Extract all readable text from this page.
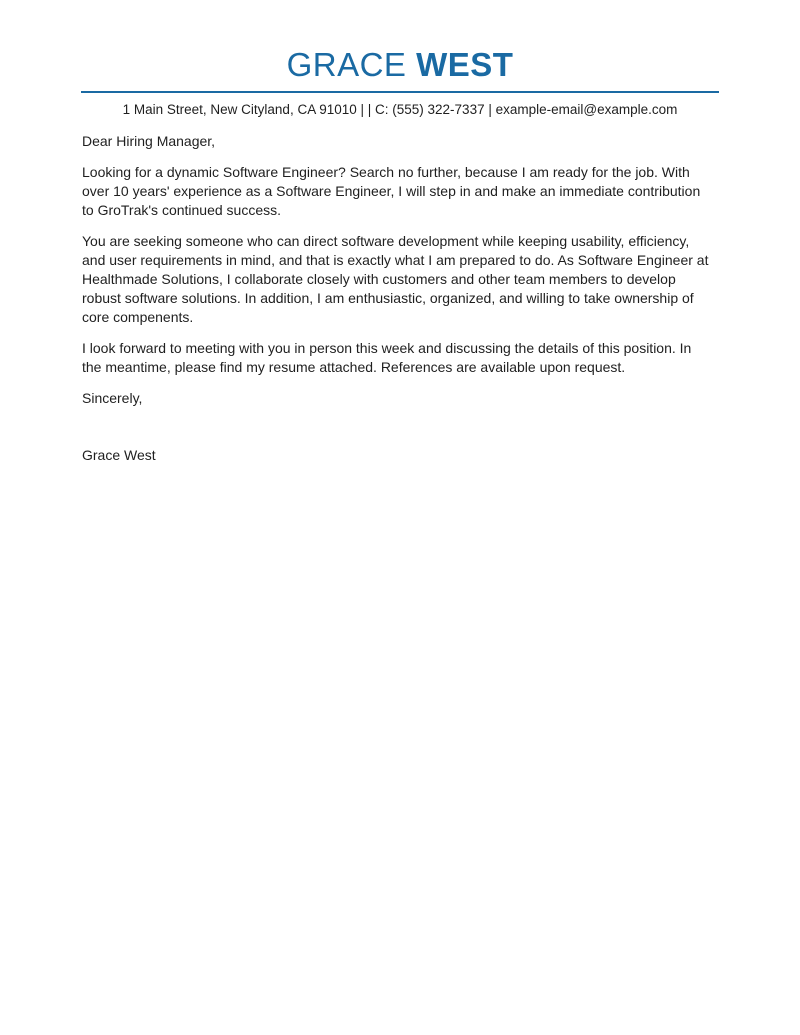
GRACE WEST
1 Main Street, New Cityland, CA 91010 | | C: (555) 322-7337 | example-email@example.com

Dear Hiring Manager,

Looking for a dynamic Software Engineer? Search no further, because I am ready for the job. With over 10 years' experience as a Software Engineer, I will step in and make an immediate contribution to GroTrak's continued success.

You are seeking someone who can direct software development while keeping usability, efficiency, and user requirements in mind, and that is exactly what I am prepared to do. As Software Engineer at Healthmade Solutions, I collaborate closely with customers and other team members to develop robust software solutions. In addition, I am enthusiastic, organized, and willing to take ownership of core compenents.

I look forward to meeting with you in person this week and discussing the details of this position. In the meantime, please find my resume attached. References are available upon request.

Sincerely,

Grace West
